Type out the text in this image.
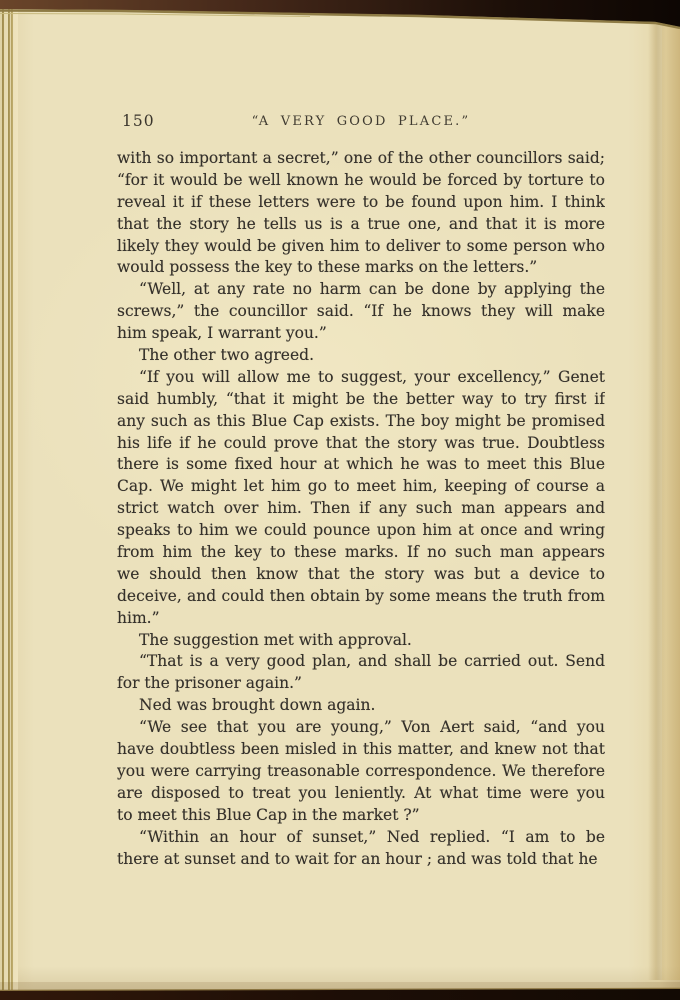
150	“A VERY GOOD PLACE.”
with so important a secret,” one of the other councillors said;
“for it would be well known he would be forced by torture to
reveal it if these letters were to be found upon him. I think
that the story he tells us is a true one, and that it is more
likely they would be given him to deliver to some person who
would possess the key to these marks on the letters.”
“Well, at any rate no harm can be done by applying the
screws,” the councillor said. “If he knows they will make
him speak, I warrant you.”
The other two agreed.
“If you will allow me to suggest, your excellency,” Genet
said humbly, “that it might be the better way to try first if
any such as this Blue Cap exists. The boy might be promised
his life if he could prove that the story was true. Doubtless
there is some fixed hour at which he was to meet this Blue
Cap. We might let him go to meet him, keeping of course a
strict watch over him. Then if any such man appears and
speaks to him we could pounce upon him at once and wring
from him the key to these marks. If no such man appears
we should then know that the story was but a device to
deceive, and could then obtain by some means the truth from
him.”
The suggestion met with approval.
“That is a very good plan, and shall be carried out. Send
for the prisoner again.”
Ned was brought down again.
“We see that you are young,” Von Aert said, “and you
have doubtless been misled in this matter, and knew not that
you were carrying treasonable correspondence. We therefore
are disposed to treat you leniently. At what time were you
to meet this Blue Cap in the market ?”
“Within an hour of sunset,” Ned replied. “I am to be
there at sunset and to wait for an hour ; and was told that he
